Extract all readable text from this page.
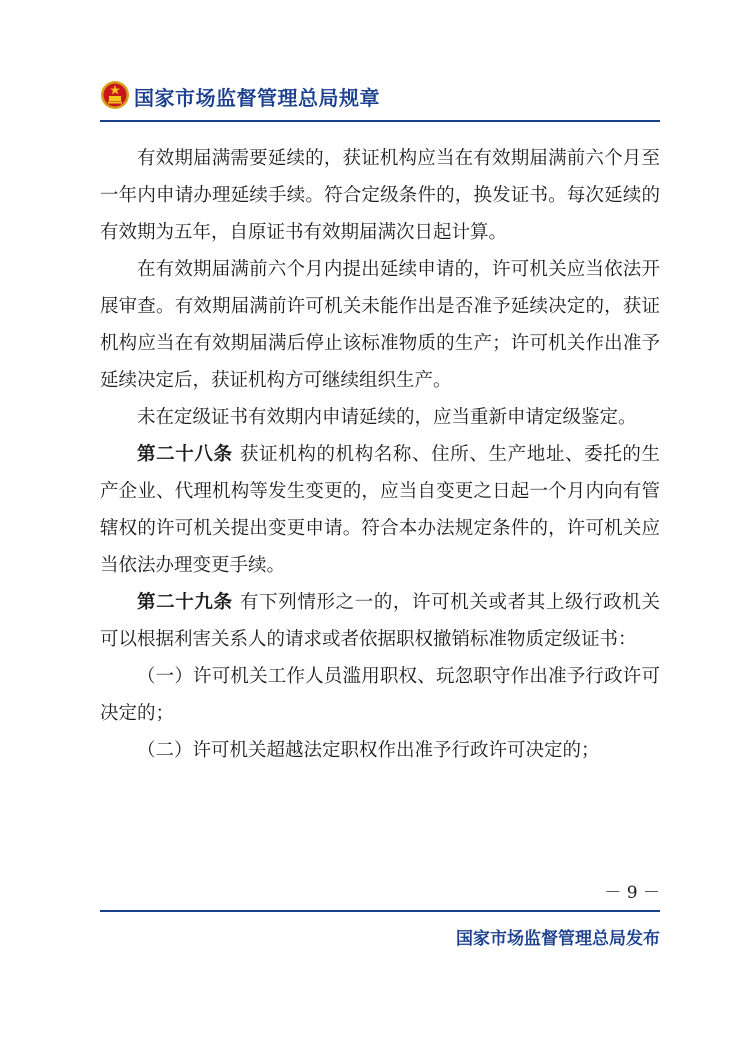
国家市场监督管理总局规章

有效期届满需要延续的，获证机构应当在有效期届满前六个月至一年内申请办理延续手续。符合定级条件的，换发证书。每次延续的有效期为五年，自原证书有效期届满次日起计算。

在有效期届满前六个月内提出延续申请的，许可机关应当依法开展审查。有效期届满前许可机关未能作出是否准予延续决定的，获证机构应当在有效期届满后停止该标准物质的生产；许可机关作出准予延续决定后，获证机构方可继续组织生产。

未在定级证书有效期内申请延续的，应当重新申请定级鉴定。

第二十八条 获证机构的机构名称、住所、生产地址、委托的生产企业、代理机构等发生变更的，应当自变更之日起一个月内向有管辖权的许可机关提出变更申请。符合本办法规定条件的，许可机关应当依法办理变更手续。

第二十九条 有下列情形之一的，许可机关或者其上级行政机关可以根据利害关系人的请求或者依据职权撤销标准物质定级证书：

（一）许可机关工作人员滥用职权、玩忽职守作出准予行政许可决定的；

（二）许可机关超越法定职权作出准予行政许可决定的；

－ 9 －
国家市场监督管理总局发布
